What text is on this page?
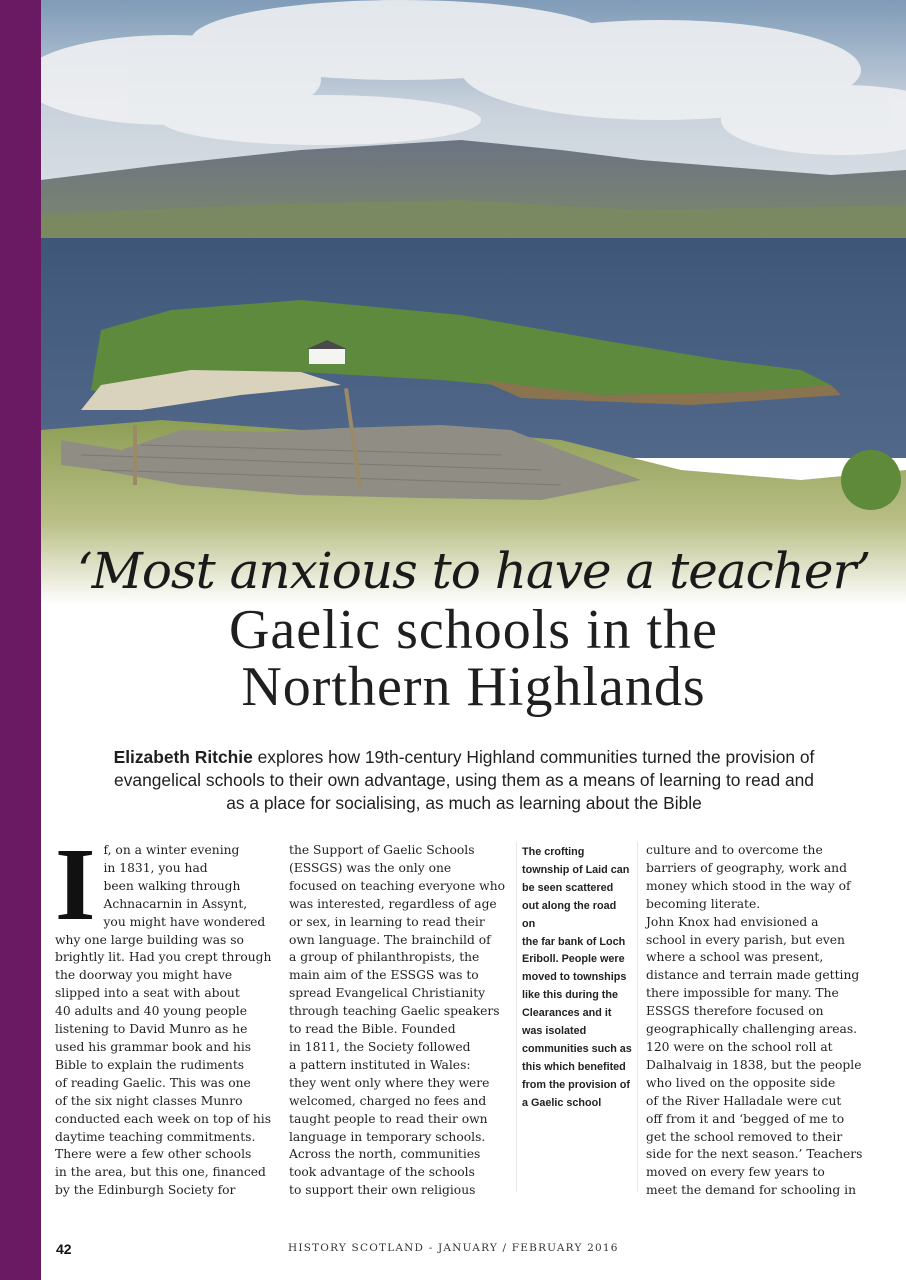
‘Most anxious to have a teacher’
Gaelic schools in the
Northern Highlands
Elizabeth Ritchie explores how 19th-century Highland communities turned the provision of
evangelical schools to their own advantage, using them as a means of learning to read and
as a place for socialising, as much as learning about the Bible
I f, on a winter evening
in 1831, you had
been walking through
Achnacarnin in Assynt,
you might have wondered
why one large building was so
brightly lit. Had you crept through
the doorway you might have
slipped into a seat with about
40 adults and 40 young people
listening to David Munro as he
used his grammar book and his
Bible to explain the rudiments
of reading Gaelic. This was one
of the six night classes Munro
conducted each week on top of his
daytime teaching commitments.
There were a few other schools
in the area, but this one, financed
by the Edinburgh Society for

the Support of Gaelic Schools
(ESSGS) was the only one
focused on teaching everyone who
was interested, regardless of age
or sex, in learning to read their
own language. The brainchild of
a group of philanthropists, the
main aim of the ESSGS was to
spread Evangelical Christianity
through teaching Gaelic speakers
to read the Bible. Founded
in 1811, the Society followed
a pattern instituted in Wales:
they went only where they were
welcomed, charged no fees and
taught people to read their own
language in temporary schools.
Across the north, communities
took advantage of the schools
to support their own religious

The crofting
township of Laid can
be seen scattered
out along the road on
the far bank of Loch
Eriboll. People were
moved to townships
like this during the
Clearances and it
was isolated
communities such as
this which benefited
from the provision of
a Gaelic school

culture and to overcome the
barriers of geography, work and
money which stood in the way of
becoming literate.
John Knox had envisioned a
school in every parish, but even
where a school was present,
distance and terrain made getting
there impossible for many. The
ESSGS therefore focused on
geographically challenging areas.
120 were on the school roll at
Dalhalvaig in 1838, but the people
who lived on the opposite side
of the River Halladale were cut
off from it and ‘begged of me to
get the school removed to their
side for the next season.’ Teachers
moved on every few years to
meet the demand for schooling in

42	HISTORY SCOTLAND - JANUARY / FEBRUARY 2016
